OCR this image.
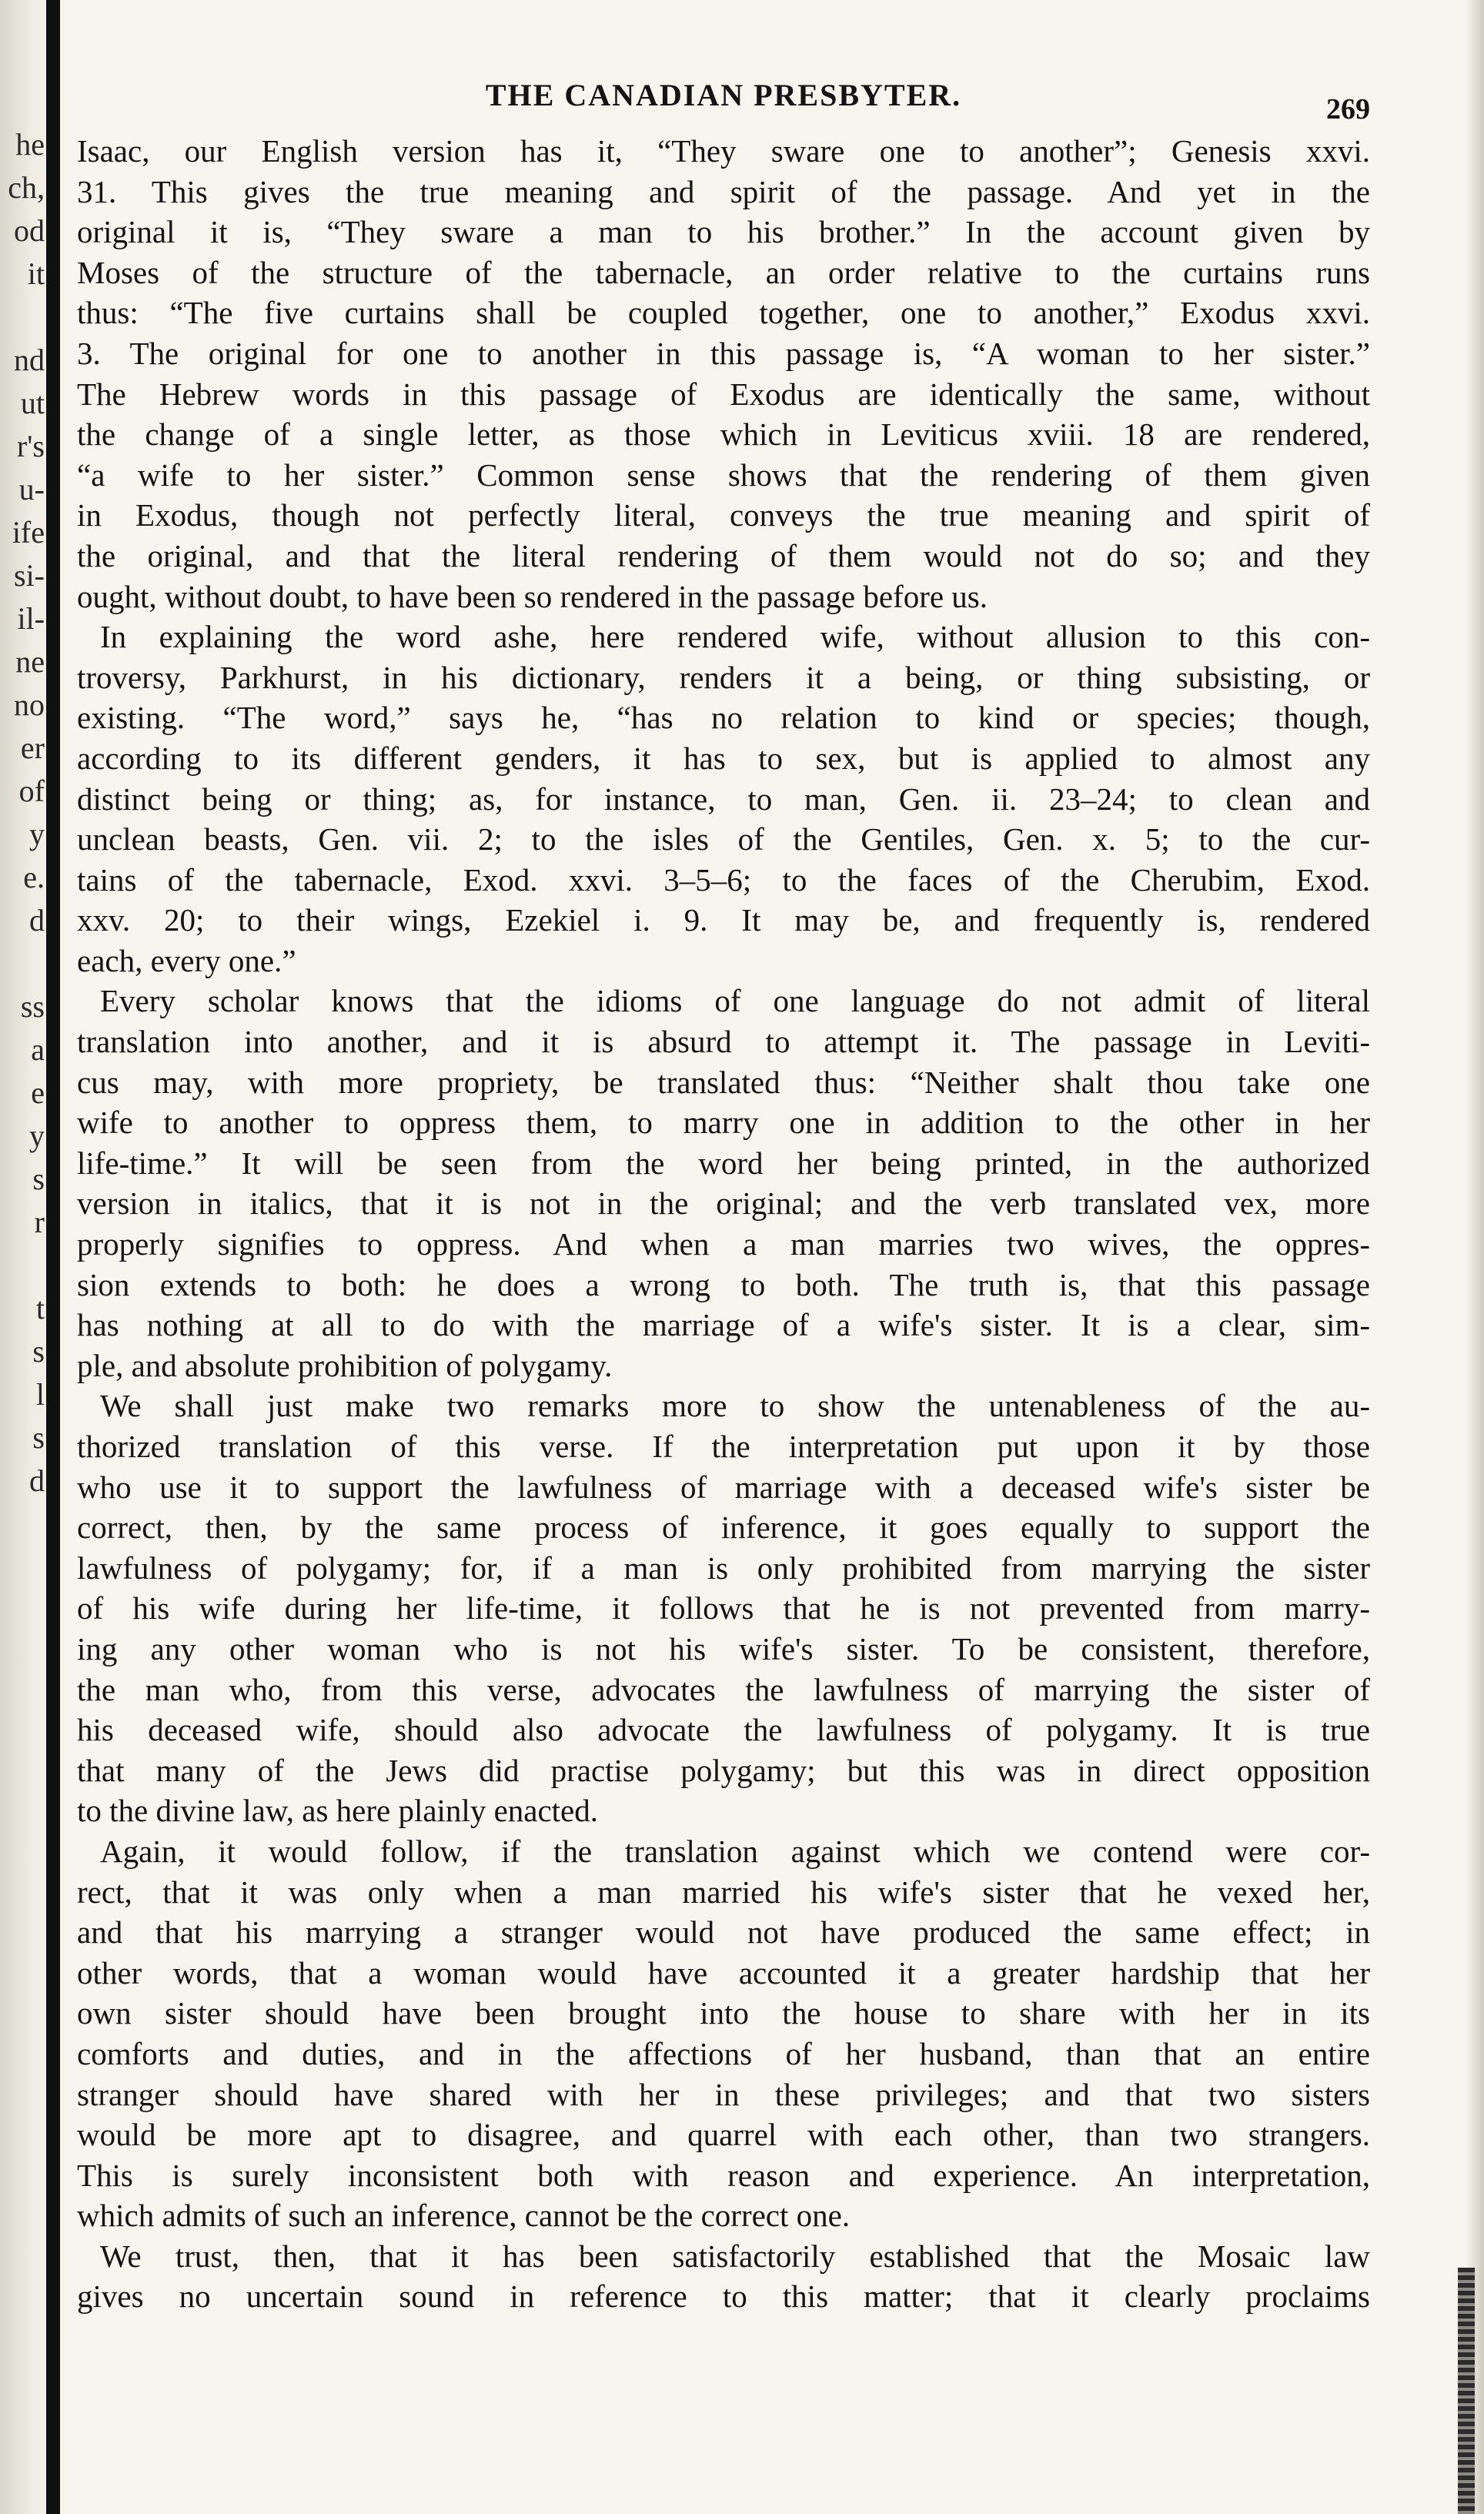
he
ch,
od
it
nd
ut
r's
u-
ife
si-
il-
ne
no
er
of
y
e.
d
ss
a
e
y
s
r
t
s
l
s
d
THE CANADIAN PRESBYTER.	269
Isaac, our English version has it, “They sware one to another”; Genesis xxvi.
31. This gives the true meaning and spirit of the passage. And yet in the
original it is, “They sware a man to his brother.” In the account given by
Moses of the structure of the tabernacle, an order relative to the curtains runs
thus: “The five curtains shall be coupled together, one to another,” Exodus xxvi.
3. The original for one to another in this passage is, “A woman to her sister.”
The Hebrew words in this passage of Exodus are identically the same, without
the change of a single letter, as those which in Leviticus xviii. 18 are rendered,
“a wife to her sister.” Common sense shows that the rendering of them given
in Exodus, though not perfectly literal, conveys the true meaning and spirit of
the original, and that the literal rendering of them would not do so; and they
ought, without doubt, to have been so rendered in the passage before us.
In explaining the word ashe, here rendered wife, without allusion to this con-
troversy, Parkhurst, in his dictionary, renders it a being, or thing subsisting, or
existing. “The word,” says he, “has no relation to kind or species; though,
according to its different genders, it has to sex, but is applied to almost any
distinct being or thing; as, for instance, to man, Gen. ii. 23–24; to clean and
unclean beasts, Gen. vii. 2; to the isles of the Gentiles, Gen. x. 5; to the cur-
tains of the tabernacle, Exod. xxvi. 3–5–6; to the faces of the Cherubim, Exod.
xxv. 20; to their wings, Ezekiel i. 9. It may be, and frequently is, rendered
each, every one.”
Every scholar knows that the idioms of one language do not admit of literal
translation into another, and it is absurd to attempt it. The passage in Leviti-
cus may, with more propriety, be translated thus: “Neither shalt thou take one
wife to another to oppress them, to marry one in addition to the other in her
life-time.” It will be seen from the word her being printed, in the authorized
version in italics, that it is not in the original; and the verb translated vex, more
properly signifies to oppress. And when a man marries two wives, the oppres-
sion extends to both: he does a wrong to both. The truth is, that this passage
has nothing at all to do with the marriage of a wife's sister. It is a clear, sim-
ple, and absolute prohibition of polygamy.
We shall just make two remarks more to show the untenableness of the au-
thorized translation of this verse. If the interpretation put upon it by those
who use it to support the lawfulness of marriage with a deceased wife's sister be
correct, then, by the same process of inference, it goes equally to support the
lawfulness of polygamy; for, if a man is only prohibited from marrying the sister
of his wife during her life-time, it follows that he is not prevented from marry-
ing any other woman who is not his wife's sister. To be consistent, therefore,
the man who, from this verse, advocates the lawfulness of marrying the sister of
his deceased wife, should also advocate the lawfulness of polygamy. It is true
that many of the Jews did practise polygamy; but this was in direct opposition
to the divine law, as here plainly enacted.
Again, it would follow, if the translation against which we contend were cor-
rect, that it was only when a man married his wife's sister that he vexed her,
and that his marrying a stranger would not have produced the same effect; in
other words, that a woman would have accounted it a greater hardship that her
own sister should have been brought into the house to share with her in its
comforts and duties, and in the affections of her husband, than that an entire
stranger should have shared with her in these privileges; and that two sisters
would be more apt to disagree, and quarrel with each other, than two strangers.
This is surely inconsistent both with reason and experience. An interpretation,
which admits of such an inference, cannot be the correct one.
We trust, then, that it has been satisfactorily established that the Mosaic law
gives no uncertain sound in reference to this matter; that it clearly proclaims
